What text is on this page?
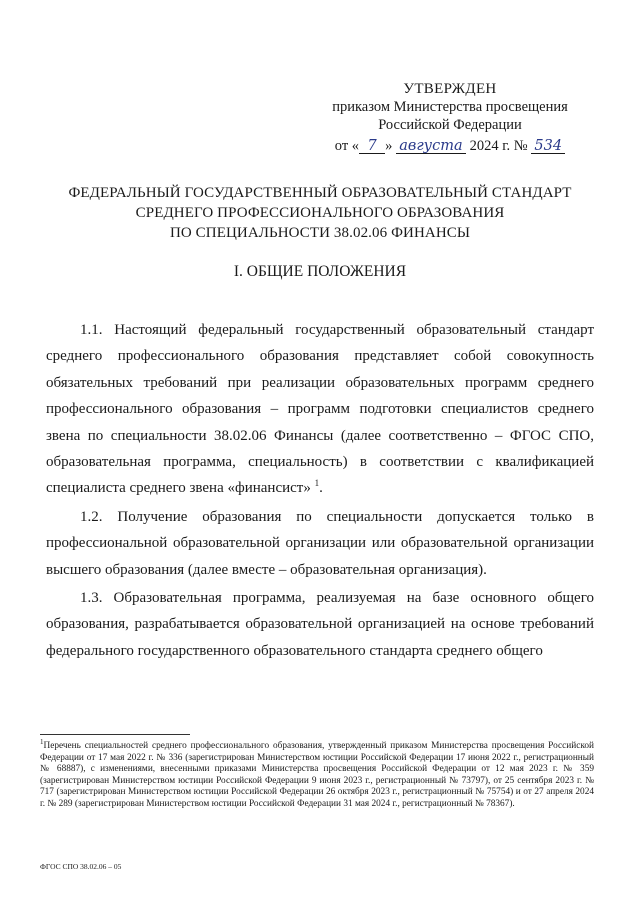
УТВЕРЖДЕН
приказом Министерства просвещения
Российской Федерации
от « 7 » августа 2024 г. № 534
ФЕДЕРАЛЬНЫЙ ГОСУДАРСТВЕННЫЙ ОБРАЗОВАТЕЛЬНЫЙ СТАНДАРТ
СРЕДНЕГО ПРОФЕССИОНАЛЬНОГО ОБРАЗОВАНИЯ
ПО СПЕЦИАЛЬНОСТИ 38.02.06 ФИНАНСЫ
I. ОБЩИЕ ПОЛОЖЕНИЯ

1.1. Настоящий федеральный государственный образовательный стандарт среднего профессионального образования представляет собой совокупность обязательных требований при реализации образовательных программ среднего профессионального образования – программ подготовки специалистов среднего звена по специальности 38.02.06 Финансы (далее соответственно – ФГОС СПО, образовательная программа, специальность) в соответствии с квалификацией специалиста среднего звена «финансист» $^1$.

1.2. Получение образования по специальности допускается только в профессиональной образовательной организации или образовательной организации высшего образования (далее вместе – образовательная организация).

1.3. Образовательная программа, реализуемая на базе основного общего образования, разрабатывается образовательной организацией на основе требований федерального государственного образовательного стандарта среднего общего

$^1$Перечень специальностей среднего профессионального образования, утвержденный приказом Министерства просвещения Российской Федерации от 17 мая 2022 г. № 336 (зарегистрирован Министерством юстиции Российской Федерации 17 июня 2022 г., регистрационный № 68887), с изменениями, внесенными приказами Министерства просвещения Российской Федерации от 12 мая 2023 г. № 359 (зарегистрирован Министерством юстиции Российской Федерации 9 июня 2023 г., регистрационный № 73797), от 25 сентября 2023 г. № 717 (зарегистрирован Министерством юстиции Российской Федерации 26 октября 2023 г., регистрационный № 75754) и от 27 апреля 2024 г. № 289 (зарегистрирован Министерством юстиции Российской Федерации 31 мая 2024 г., регистрационный № 78367).
ФГОС СПО 38.02.06 – 05
